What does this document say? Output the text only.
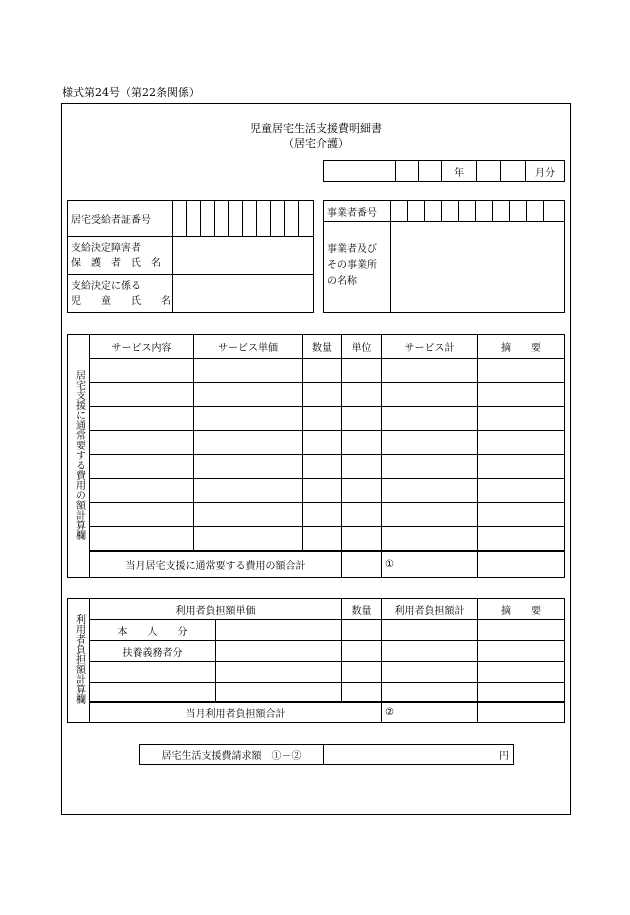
様式第24号（第22条関係）
児童居宅生活支援費明細書
（居宅介護）
			年			月分
居宅受給者証番号										

支給決定障害者
保　護　者　氏　名										

支給決定に係る
児　　童　　氏　　名										

事業者番号										

事業者及び
その事業所
の名称										

居宅支援に通常要する費用の額計算欄	サービス内容	サービス単価	数量	単位	サービス計	摘　　要

	当月居宅支援に通常要する費用の額合計				①	
利用者負担額計算欄	利用者負担額単価		数量	利用者負担額計	摘　　要
	本　　人　　分				
	扶養義務者分				

	当月利用者負担額合計			②	
居宅生活支援費請求額　①－②	円
